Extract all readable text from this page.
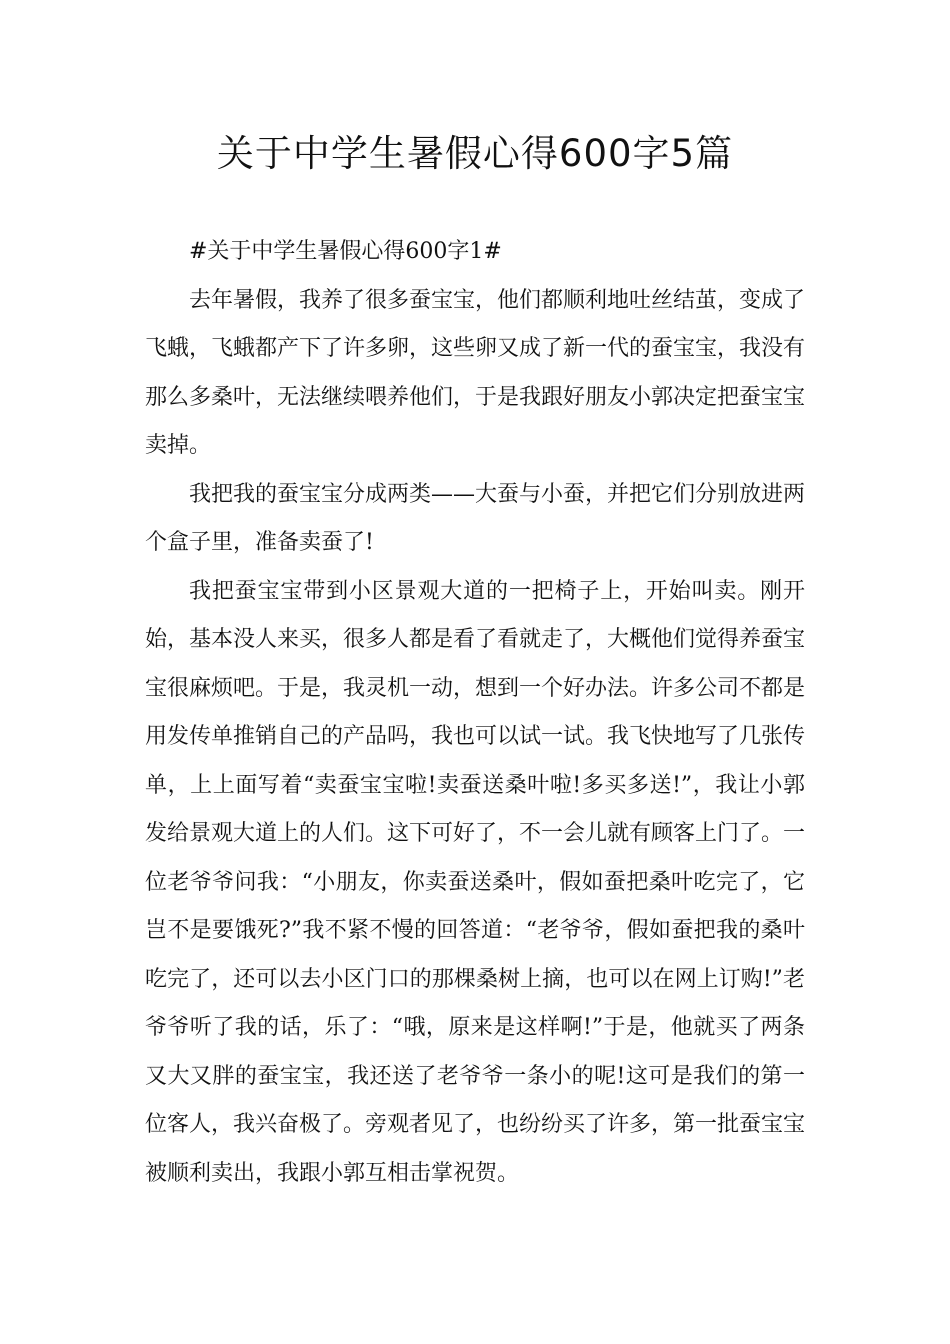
关于中学生暑假心得600字5篇

#关于中学生暑假心得600字1#

去年暑假，我养了很多蚕宝宝，他们都顺利地吐丝结茧，变成了飞蛾，飞蛾都产下了许多卵，这些卵又成了新一代的蚕宝宝，我没有那么多桑叶，无法继续喂养他们，于是我跟好朋友小郭决定把蚕宝宝卖掉。

我把我的蚕宝宝分成两类——大蚕与小蚕，并把它们分别放进两个盒子里，准备卖蚕了!

我把蚕宝宝带到小区景观大道的一把椅子上，开始叫卖。刚开始，基本没人来买，很多人都是看了看就走了，大概他们觉得养蚕宝宝很麻烦吧。于是，我灵机一动，想到一个好办法。许多公司不都是用发传单推销自己的产品吗，我也可以试一试。我飞快地写了几张传单，上上面写着“卖蚕宝宝啦!卖蚕送桑叶啦!多买多送!”，我让小郭发给景观大道上的人们。这下可好了，不一会儿就有顾客上门了。一位老爷爷问我：“小朋友，你卖蚕送桑叶，假如蚕把桑叶吃完了，它岂不是要饿死?”我不紧不慢的回答道：“老爷爷，假如蚕把我的桑叶吃完了，还可以去小区门口的那棵桑树上摘，也可以在网上订购!”老爷爷听了我的话，乐了：“哦，原来是这样啊!”于是，他就买了两条又大又胖的蚕宝宝，我还送了老爷爷一条小的呢!这可是我们的第一位客人，我兴奋极了。旁观者见了，也纷纷买了许多，第一批蚕宝宝被顺利卖出，我跟小郭互相击掌祝贺。
